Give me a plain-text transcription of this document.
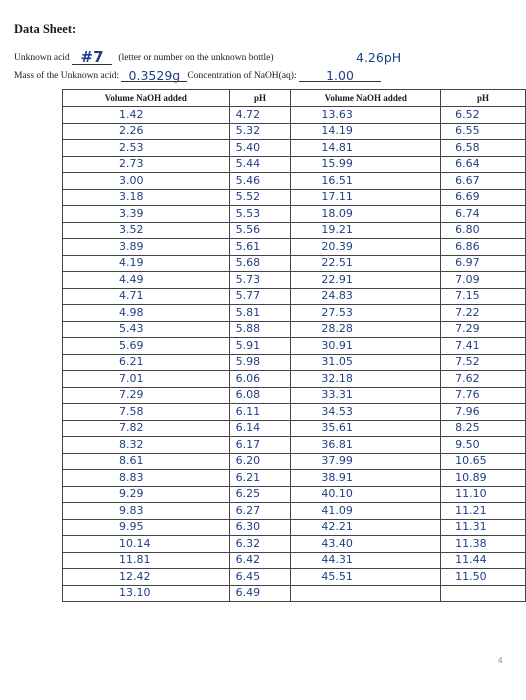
Data Sheet:
Unknown acid #7 (letter or number on the unknown bottle)	4.26pH
Mass of the Unknown acid: 0.3529g Concentration of NaOH(aq): 1.00
Volume NaOH added	pH	Volume NaOH added	pH
1.42	4.72	13.63	6.52
2.26	5.32	14.19	6.55
2.53	5.40	14.81	6.58
2.73	5.44	15.99	6.64
3.00	5.46	16.51	6.67
3.18	5.52	17.11	6.69
3.39	5.53	18.09	6.74
3.52	5.56	19.21	6.80
3.89	5.61	20.39	6.86
4.19	5.68	22.51	6.97
4.49	5.73	22.91	7.09
4.71	5.77	24.83	7.15
4.98	5.81	27.53	7.22
5.43	5.88	28.28	7.29
5.69	5.91	30.91	7.41
6.21	5.98	31.05	7.52
7.01	6.06	32.18	7.62
7.29	6.08	33.31	7.76
7.58	6.11	34.53	7.96
7.82	6.14	35.61	8.25
8.32	6.17	36.81	9.50
8.61	6.20	37.99	10.65
8.83	6.21	38.91	10.89
9.29	6.25	40.10	11.10
9.83	6.27	41.09	11.21
9.95	6.30	42.21	11.31
10.14	6.32	43.40	11.38
11.81	6.42	44.31	11.44
12.42	6.45	45.51	11.50
13.10	6.49		
4
